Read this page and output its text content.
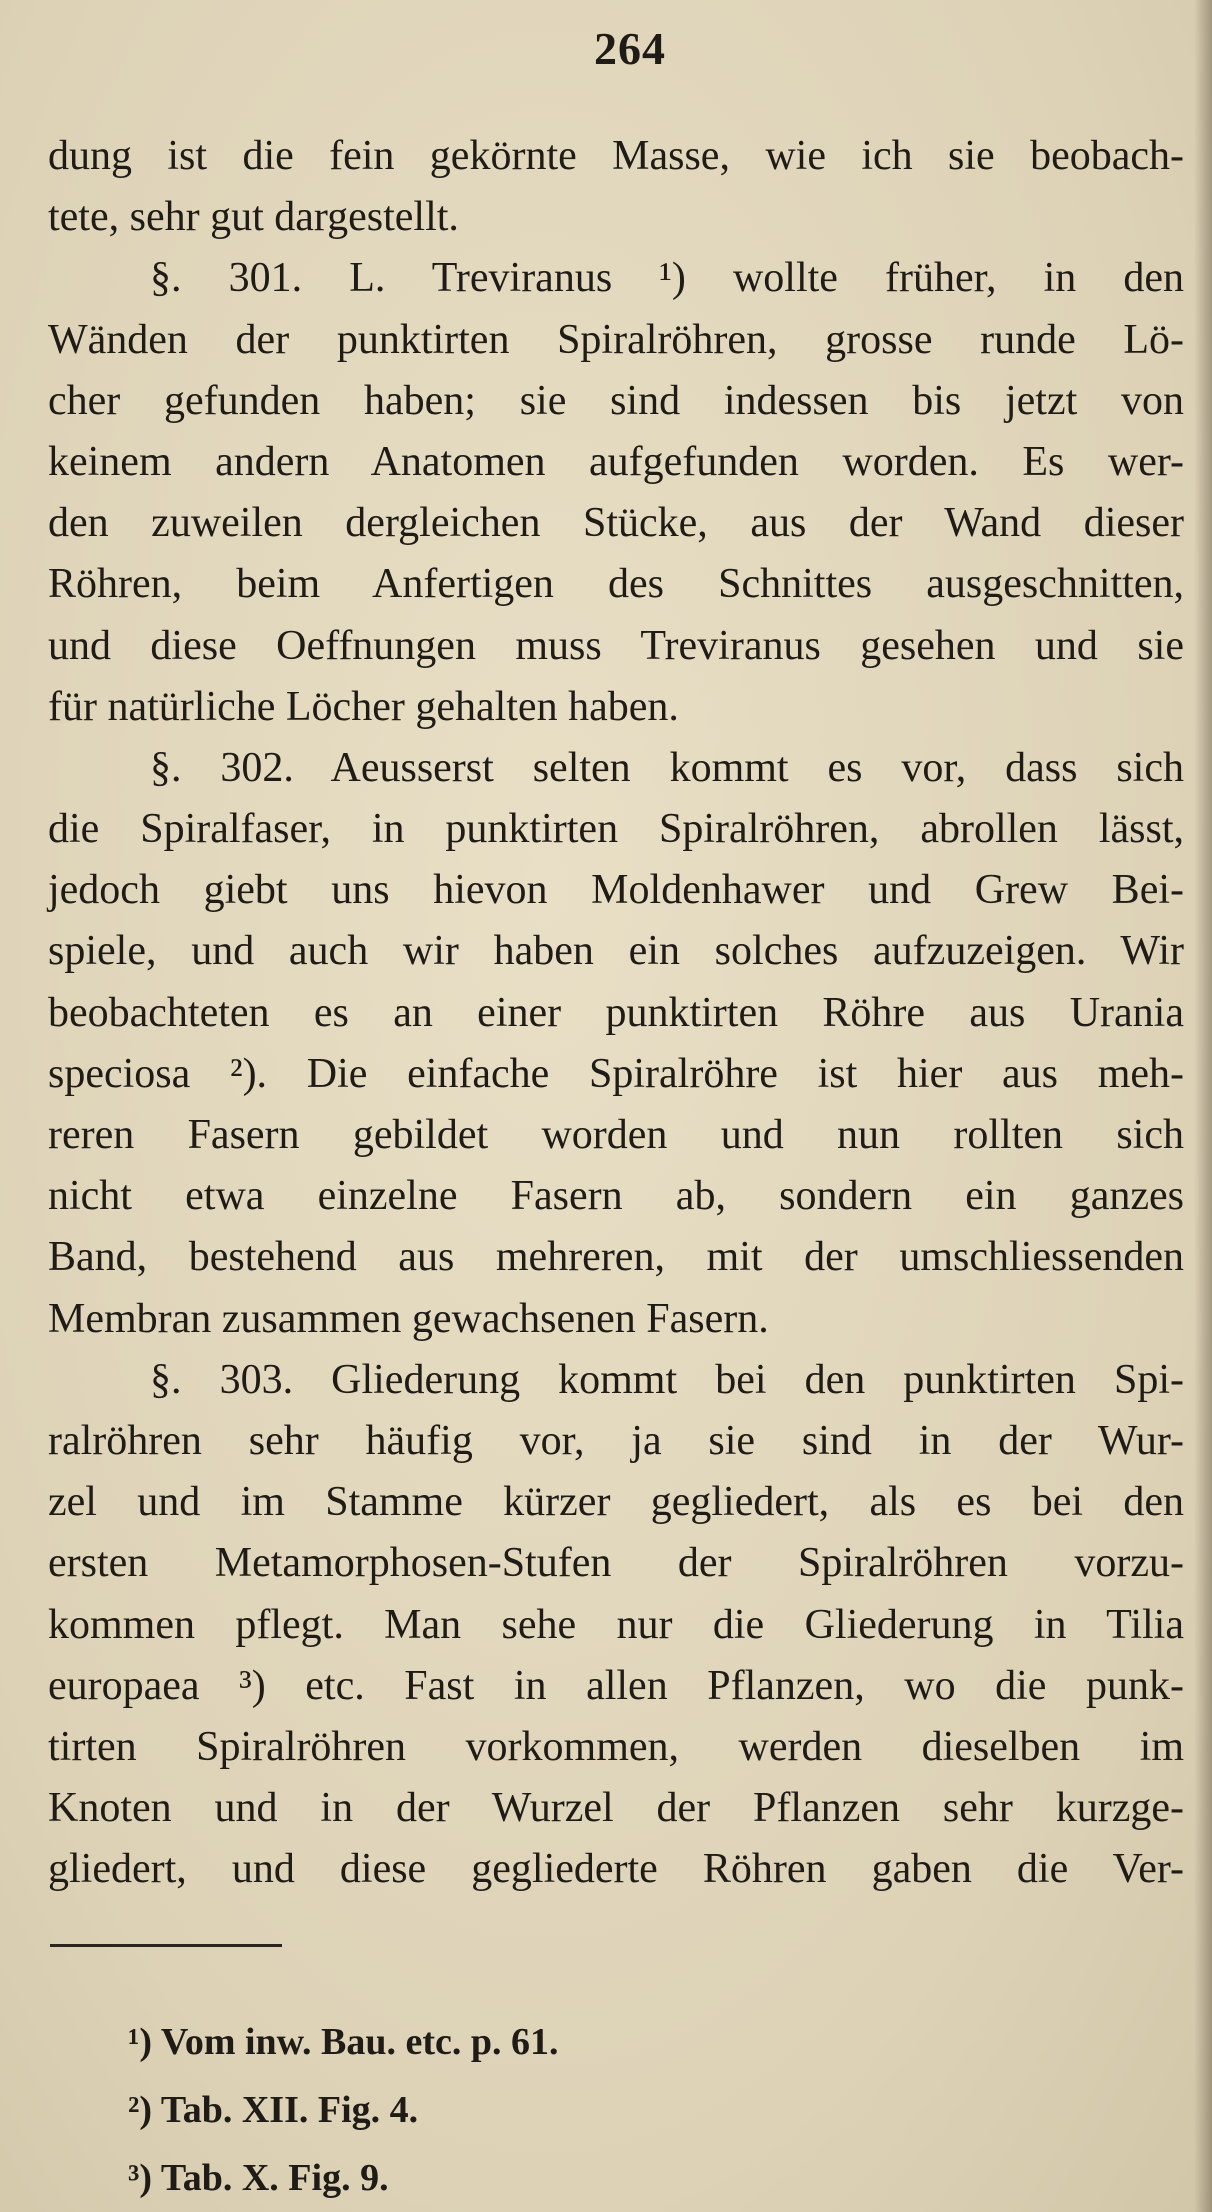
264
dung ist die fein gekörnte Masse, wie ich sie beobach-
tete, sehr gut dargestellt.
§. 301. L. Treviranus ¹) wollte früher, in den
Wänden der punktirten Spiralröhren, grosse runde Lö-
cher gefunden haben; sie sind indessen bis jetzt von
keinem andern Anatomen aufgefunden worden. Es wer-
den zuweilen dergleichen Stücke, aus der Wand dieser
Röhren, beim Anfertigen des Schnittes ausgeschnitten,
und diese Oeffnungen muss Treviranus gesehen und sie
für natürliche Löcher gehalten haben.
§. 302. Aeusserst selten kommt es vor, dass sich
die Spiralfaser, in punktirten Spiralröhren, abrollen lässt,
jedoch giebt uns hievon Moldenhawer und Grew Bei-
spiele, und auch wir haben ein solches aufzuzeigen. Wir
beobachteten es an einer punktirten Röhre aus Urania
speciosa ²). Die einfache Spiralröhre ist hier aus meh-
reren Fasern gebildet worden und nun rollten sich
nicht etwa einzelne Fasern ab, sondern ein ganzes
Band, bestehend aus mehreren, mit der umschliessenden
Membran zusammen gewachsenen Fasern.
§. 303. Gliederung kommt bei den punktirten Spi-
ralröhren sehr häufig vor, ja sie sind in der Wur-
zel und im Stamme kürzer gegliedert, als es bei den
ersten Metamorphosen-Stufen der Spiralröhren vorzu-
kommen pflegt. Man sehe nur die Gliederung in Tilia
europaea ³) etc. Fast in allen Pflanzen, wo die punk-
tirten Spiralröhren vorkommen, werden dieselben im
Knoten und in der Wurzel der Pflanzen sehr kurzge-
gliedert, und diese gegliederte Röhren gaben die Ver-
¹) Vom inw. Bau. etc. p. 61.
²) Tab. XII. Fig. 4.
³) Tab. X. Fig. 9.
